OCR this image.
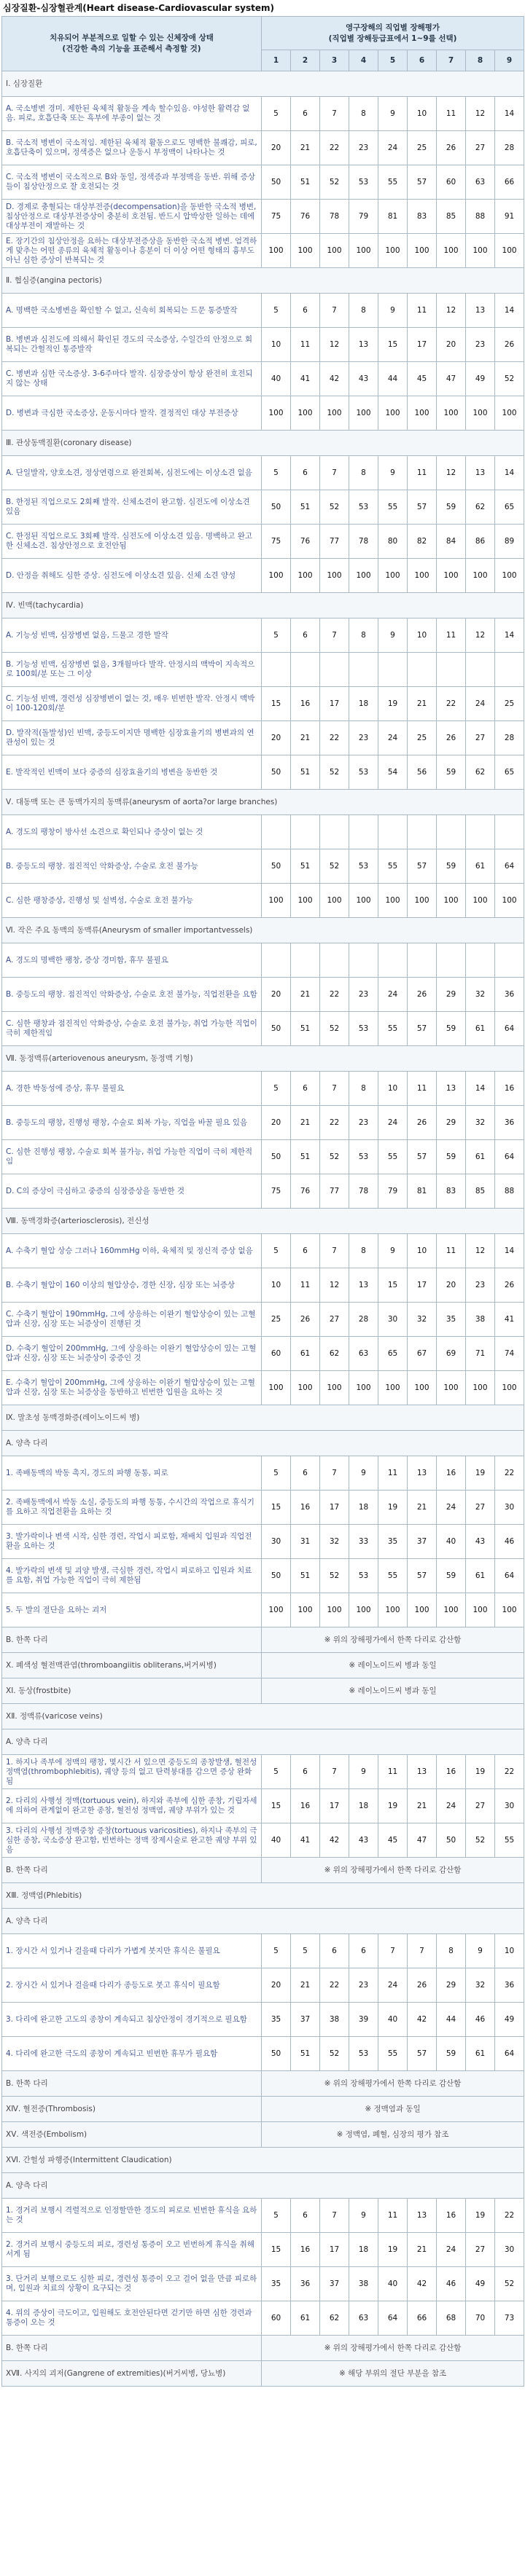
심장질환-심장혈관계(Heart disease-Cardiovascular system)
치유되어 부분적으로 일할 수 있는 신체장애 상태
(건강한 측의 기능을 표준해서 측정할 것)	영구장해의 직업별 장해평가
(직업별 장해등급표에서 1~9를 선택)								
	1	2	3	4	5	6	7	8	9
Ⅰ. 심장질환									
A. 국소병변 경미. 제한된 육체적 활동을 계속 할수있음. 야성한 활력감 없음. 피로, 호흡단축 또는 흑부에 부종이 없는 것	5	6	7	8	9	10	11	12	14
B. 국소적 병변이 국소적임. 제한된 육체적 활동으로도 명백한 불쾌감, 피로, 호흡단축이 있으며, 정색증은 없으나 운동시 부정맥이 나타나는 것	20	21	22	23	24	25	26	27	28
C. 국소적 병변이 국소적으로 B와 동일, 정색증과 부정맥을 동반. 위해 증상들이 침상안정으로 잘 호전되는 것	50	51	52	53	55	57	60	63	66
D. 경제로 충혈되는 대상부전증(decompensation)을 동반한 국소적 병변, 침상안정으로 대상부전증상이 충분히 호전됨. 반드시 압박상한 일하는 데에 대상부전이 재발하는 것	75	76	78	79	81	83	85	88	91
E. 장기간의 침상안정을 요하는 대상부전증상을 동반한 국소적 병변. 엄격하게 맞추는 어떤 종류의 육체적 활동이나 흥분이 더 이상 어떤 형태의 흉부도 아닌 심한 증상이 반복되는 것	100	100	100	100	100	100	100	100	100
Ⅱ. 협심증(angina pectoris)									
A. 명백한 국소병변을 확인할 수 없고, 신속히 회복되는 드문 통증발작	5	6	7	8	9	11	12	13	14
B. 병변과 심전도에 의해서 확인된 경도의 국소증상, 수일간의 안정으로 회복되는 간헐적인 통증발작	10	11	12	13	15	17	20	23	26
C. 병변과 심한 국소증상. 3-6주마다 발작. 심장증상이 항상 완전히 호전되지 않는 상태	40	41	42	43	44	45	47	49	52
D. 병변과 극심한 국소증상, 운동시마다 발작. 결정적인 대상 부전증상	100	100	100	100	100	100	100	100	100
Ⅲ. 관상동맥질환(coronary disease)									
A. 단일발작, 양호소견, 정상연령으로 완전회복, 심전도에는 이상소견 없음	5	6	7	8	9	11	12	13	14
B. 한정된 직업으로도 2회째 발작. 신체소견이 완고함. 심전도에 이상소견 있음	50	51	52	53	55	57	59	62	65
C. 한정된 직업으로도 3회째 발작. 심전도에 이상소견 있음. 명백하고 완고한 신체소견. 침상안정으로 호전안됨	75	76	77	78	80	82	84	86	89
D. 안정을 취해도 심한 증상. 심전도에 이상소견 있음. 신체 소견 양성	100	100	100	100	100	100	100	100	100
Ⅳ. 빈맥(tachycardia)									
A. 기능성 빈맥, 심장병변 없음, 드물고 경한 발작	5	6	7	8	9	10	11	12	14
B. 기능성 빈맥, 심장병변 없음, 3개월마다 발작. 안정시의 맥박이 지속적으로 100회/분 또는 그 이상									
C. 기능성 빈맥, 경련성 심장병변이 없는 것, 매우 빈번한 발작. 안정시 맥박이 100-120회/분	15	16	17	18	19	21	22	24	25
D. 발작적(돌발성)인 빈맥, 중등도이지만 명백한 심장효율기의 병변과의 연관성이 있는 것	20	21	22	23	24	25	26	27	28
E. 발작적인 빈맥이 보다 중증의 심장효율기의 병변을 동반한 것	50	51	52	53	54	56	59	62	65
Ⅴ. 대동맥 또는 큰 동맥가지의 동맥류(aneurysm of aorta?or large branches)									
A. 경도의 팽창이 방사선 소견으로 확인되나 증상이 없는 것									
B. 중등도의 팽창. 점진적인 악화증상, 수술로 호전 불가능	50	51	52	53	55	57	59	61	64
C. 심한 팽창증상, 진행성 및 설벽성, 수술로 호전 불가능	100	100	100	100	100	100	100	100	100
Ⅵ. 작은 주요 동맥의 동맥류(Aneurysm of smaller importantvessels)									
A. 경도의 명백한 팽창, 증상 경미함, 휴무 불필요									
B. 중등도의 팽창. 점진적인 악화증상, 수술로 호전 불가능, 직업전환을 요함	20	21	22	23	24	26	29	32	36
C. 심한 팽창과 점진적인 악화증상, 수술로 호전 불가능, 취업 가능한 직업이 극히 제한적임	50	51	52	53	55	57	59	61	64
Ⅶ. 동정맥류(arteriovenous aneurysm, 동정맥 기형)									
A. 경한 박동성에 증상, 휴무 불필요	5	6	7	8	10	11	13	14	16
B. 중등도의 팽창, 진행성 팽창, 수술로 회복 가능, 직업을 바꿀 필요 있음	20	21	22	23	24	26	29	32	36
C. 심한 진행성 팽창, 수술로 회복 불가능, 취업 가능한 직업이 극히 제한적임	50	51	52	53	55	57	59	61	64
D. C의 증상이 극심하고 중증의 심장증상을 동반한 것	75	76	77	78	79	81	83	85	88
Ⅷ. 동맥경화증(arteriosclerosis), 전신성									
A. 수축기 혈압 상승 그러나 160mmHg 이하, 육체적 및 정신적 증상 없음	5	6	7	8	9	10	11	12	14
B. 수축기 혈압이 160 이상의 혈압상승, 경한 신장, 심장 또는 뇌증상	10	11	12	13	15	17	20	23	26
C. 수축기 혈압이 190mmHg, 그에 상응하는 이완기 혈압상승이 있는 고혈압과 신장, 심장 또는 뇌증상이 진행된 것	25	26	27	28	30	32	35	38	41
D. 수축기 혈압이 200mmHg, 그에 상응하는 이완기 혈압상승이 있는 고혈압과 신장, 심장 또는 뇌증상이 중증인 것	60	61	62	63	65	67	69	71	74
E. 수축기 혈압이 200mmHg, 그에 상응하는 이완기 혈압상승이 있는 고혈압과 신장, 심장 또는 뇌증상을 동반하고 빈번한 입원을 요하는 것	100	100	100	100	100	100	100	100	100
Ⅸ. 말초성 동맥경화증(레이노이드씨 병)									
A. 양측 다리									
1. 족배동맥의 박동 촉지, 경도의 파행 동통, 피로	5	6	7	9	11	13	16	19	22
2. 족배동맥에서 박동 소실, 중등도의 파행 동통, 수시간의 작업으로 휴식기를 요하고 직업전환을 요하는 것	15	16	17	18	19	21	24	27	30
3. 발가락이나 변색 시작, 심한 경련, 작업시 피로함, 재배치 입원과 직업전환을 요하는 것	30	31	32	33	35	37	40	43	46
4. 발가락의 변색 및 괴양 발생, 극심한 경련, 작업시 피로하고 입원과 치료를 요함, 취업 가능한 직업이 극히 제한됨	50	51	52	53	55	57	59	61	64
5. 두 발의 절단을 요하는 괴저	100	100	100	100	100	100	100	100	100
B. 한쪽 다리	※ 위의 장해평가에서 한쪽 다리로 감산함								
Ⅹ. 폐색성 혈전맥관염(thromboangiitis obliterans,버거씨병)	※ 레이노이드씨 병과 동일								
ⅩⅠ. 동상(frostbite)	※ 레이노이드씨 병과 동일								
ⅩⅡ. 정맥류(varicose veins)									
A. 양측 다리									
1. 하지나 족부에 정맥의 팽창, 몇시간 서 있으면 중등도의 종창발생, 혈전성 정맥염(thrombophlebitis), 궤양 등의 없고 탄력붕대를 감으면 증상 완화됨	5	6	7	9	11	13	16	19	22
2. 다리의 사행성 정맥(tortuous vein), 하지와 족부에 심한 종창, 기립자세에 의하여 관계없이 완고한 종창, 혈전성 정맥염, 궤양 부위가 있는 것	15	16	17	18	19	21	24	27	30
3. 다리의 사행성 정맥중창 증창(tortuous varicosities), 하지나 족부의 극심한 종창, 국소증상 완고함, 빈번하는 정맥 장제시술로 완고한 궤양 부위 있음	40	41	42	43	45	47	50	52	55
B. 한쪽 다리	※ 위의 장해평가에서 한쪽 다리로 감산함								
ⅩⅢ. 정맥염(Phlebitis)									
A. 양측 다리									
1. 장시간 서 있거나 걸을때 다리가 가볍게 붓지만 휴식은 불필요	5	5	6	6	7	7	8	9	10
2. 장시간 서 있거나 걸을때 다리가 종등도로 붓고 휴식이 필요함	20	21	22	23	24	26	29	32	36
3. 다리에 완고한 고도의 종창이 계속되고 침상안정이 경기적으로 필요함	35	37	38	39	40	42	44	46	49
4. 다리에 완고한 극도의 종창이 계속되고 빈번한 휴무가 필요함	50	51	52	53	55	57	59	61	64
B. 한쪽 다리	※ 위의 장해평가에서 한쪽 다리로 감산함								
ⅩⅣ. 혈전증(Thrombosis)	※ 정맥염과 동일								
ⅩⅤ. 색전증(Embolism)	※ 정맥염, 폐혈, 심장의 평가 참조								
ⅩⅥ. 간헐성 파행증(Intermittent Claudication)									
A. 양측 다리									
1. 경거리 보행시 격렬적으로 인정할만한 경도의 피로로 빈번한 휴식을 요하는 것	5	6	7	9	11	13	16	19	22
2. 경거리 보행시 중등도의 피로, 경련성 통증이 오고 빈번하게 휴식을 취해 서게 됨	15	16	17	18	19	21	24	27	30
3. 단거리 보행으로도 심한 피로, 경련성 통증이 오고 걸어 없을 만큼 피로하며, 입원과 치료의 상황이 요구되는 것	35	36	37	38	40	42	46	49	52
4. 위의 증상이 극도이고, 입원해도 호전안된다면 걷기만 하면 심한 경련과 통증이 오는 것	60	61	62	63	64	66	68	70	73
B. 한쪽 다리	※ 위의 장해평가에서 한쪽 다리로 감산함								
ⅩⅦ. 사지의 괴저(Gangrene of extremities)(버거씨병, 당뇨병)	※ 해당 부위의 절단 부분을 참조								
